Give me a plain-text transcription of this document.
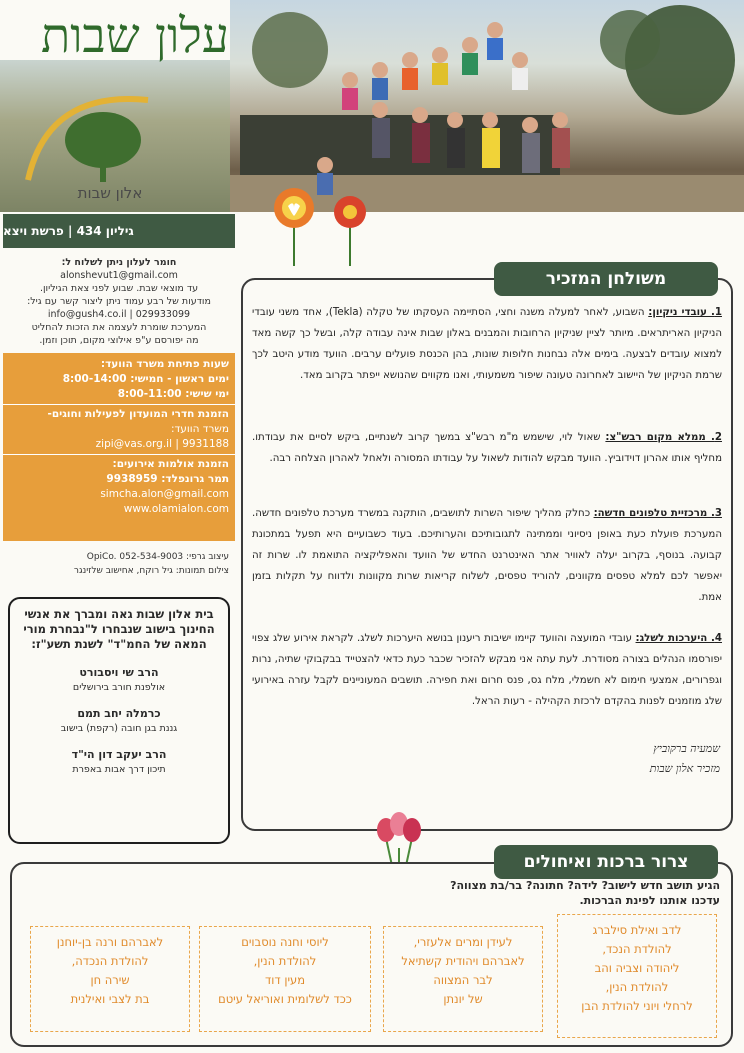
עלון שבות
אלון שבות
גיליון 434 | פרשת ויצא
חומר לעלון ניתן לשלוח ל:
alonshevut1@gmail.com
עד מוצאי שבת. שבוע לפני צאת הגיליון.
מודעות של רבע עמוד ניתן ליצור קשר עם גיל:
info@gush4.co.il | 029933099
המערכת שומרת לעצמה את הזכות להחליט
מה יפורסם ע"פ אילוצי מקום, תוכן וזמן.
שעות פתיחת משרד הוועד:
ימים ראשון - חמישי: 8:00-14:00
ימי שישי: 8:00-11:00
הזמנת חדרי המועדון לפעילות וחוגים-
משרד הוועד:
zipi@vas.org.il | 9931188
הזמנת אולמות אירועים:
תמר גרונפלד: 9938959
simcha.alon@gmail.com
www.olamialon.com
עיצוב גרפי: OpiCo. 052-534-9003
צילום תמונות: גיל רוקח, אחישוב שלזינגר
בית אלון שבות גאה ומברך את אנשי החינוך בישוב שנבחרו ל"נבחרת מורי המאה של החמ"ד" לשנת תשע"ז:
הרב שי ויסבורט
אולפנת חורב בירושלים
כרמלה יחב תמם
גננת בגן חובה (רקפת) בישוב
הרב יעקב דון הי"ד
תיכון דרך אבות באפרת
משולחן המזכיר
1. עובדי ניקיון: השבוע, לאחר למעלה משנה וחצי, הסתיימה העסקתו של טקלה (Tekla), אחד משני עובדי הניקיון האריתראים. מיותר לציין שניקיון הרחובות והמבנים באלון שבות אינה עבודה קלה, ובשל כך קשה מאד למצוא עובדים לבצעה. בימים אלה נבחנות חלופות שונות, בהן הכנסת פועלים ערבים. הוועד מודע היטב לכך שרמת הניקיון של היישוב לאחרונה טעונה שיפור משמעותי, ואנו מקווים שהנושא ייפתר בקרוב מאד.
2. ממלא מקום רבש"צ: שאול לוי, שישמש מ"מ רבש"צ במשך קרוב לשנתיים, ביקש לסיים את עבודתו. מחליף אותו אהרון דוידוביץ. הוועד מבקש להודות לשאול על עבודתו המסורה ולאחל לאהרון הצלחה רבה.
3. מרכזיית טלפונים חדשה: כחלק מהליך שיפור השרות לתושבים, הותקנה במשרד מערכת טלפונים חדשה. המערכת פועלת כעת באופן ניסיוני וממתינה לתגובותיכם והערותיכם. בעוד כשבועיים היא תפעל במתכונת קבועה. בנוסף, בקרוב יעלה לאוויר אתר האינטרנט החדש של הוועד והאפליקציה התואמת לו. שרות זה יאפשר לכם למלא טפסים מקוונים, להוריד טפסים, לשלוח קריאות שרות מקוונות ולדווח על תקלות בזמן אמת.
4. היערכות לשלג: עובדי המועצה והוועד קיימו ישיבות ריענון בנושא היערכות לשלג. לקראת אירוע שלג צפוי יפורסמו הנהלים בצורה מסודרת. לעת עתה אני מבקש להזכיר שכבר כעת כדאי להצטייד בבקבוקי שתיה, נרות וגפרורים, אמצעי חימום לא חשמלי, מלח גס, פנס חרום ואת חפירה. תושבים המעוניינים לקבל עזרה באירועי שלג מוזמנים לפנות בהקדם לרכזת הקהילה - רעות הראל.
שמעיה ברקוביץ
מזכיר אלון שבות
צרור ברכות ואיחולים
הגיע תושב חדש לישוב? לידה? חתונה? בר/בת מצווה? עדכנו אותנו לפינת הברכות.
לדב ואילת סילברג
להולדת הנכד,
ליהודה וצביה והב
להולדת הנין,
לרחלי ויוני להולדת הבן
לעידן ומרים אלעזרי,
לאברהם ויהודית קשתיאל
לבר המצווה
של יונתן
ליוסי וחנה נוסבוים
להולדת הנין,
מעין דוד
ככד לשלומית ואוריאל עיטם
לאברהם ורנה בן-יוחנן
להולדת הנכדה,
שירה חן
בת לצבי ואילנית
